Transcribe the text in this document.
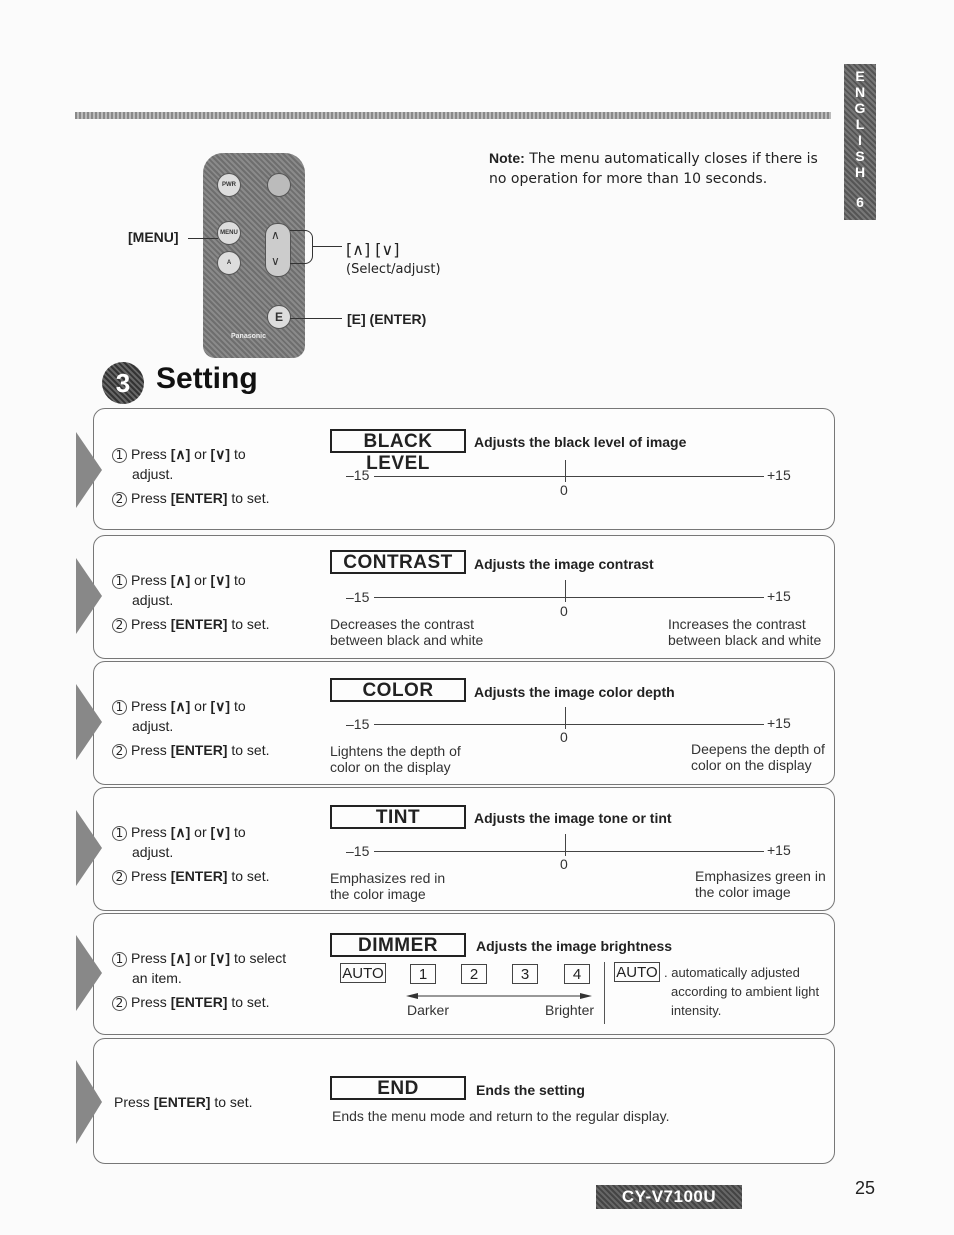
E
N
G
L
I
S
H
6
PWR
MENU
A
∧
∨
E
Panasonic
[MENU]
[∧] [∨]
(Select/adjust)
[E] (ENTER)
Note: The menu automatically closes if there is no operation for more than 10 seconds.
3 Setting
1 Press [∧] or [∨] to
adjust.
2 Press [ENTER] to set.
BLACK LEVEL
Adjusts the black level of image
–15
0
+15
1 Press [∧] or [∨] to
adjust.
2 Press [ENTER] to set.
CONTRAST	Adjusts the image contrast
–15
0
+15
Decreases the contrast
between black and white
Increases the contrast
between black and white
1 Press [∧] or [∨] to
adjust.
2 Press [ENTER] to set.
COLOR	Adjusts the image color depth
–15
0
+15
Lightens the depth of
color on the display
Deepens the depth of
color on the display
1 Press [∧] or [∨] to
adjust.
2 Press [ENTER] to set.
TINT	Adjusts the image tone or tint
–15
0
+15
Emphasizes red in
the color image
Emphasizes green in
the color image
1 Press [∧] or [∨] to select
an item.
2 Press [ENTER] to set.
DIMMER	Adjusts the image brightness
AUTO	1	2	3	4
Darker	Brighter
AUTO . automatically adjusted
according to ambient light
intensity.
Press [ENTER] to set.
END	Ends the setting
Ends the menu mode and return to the regular display.
CY-V7100U	25
